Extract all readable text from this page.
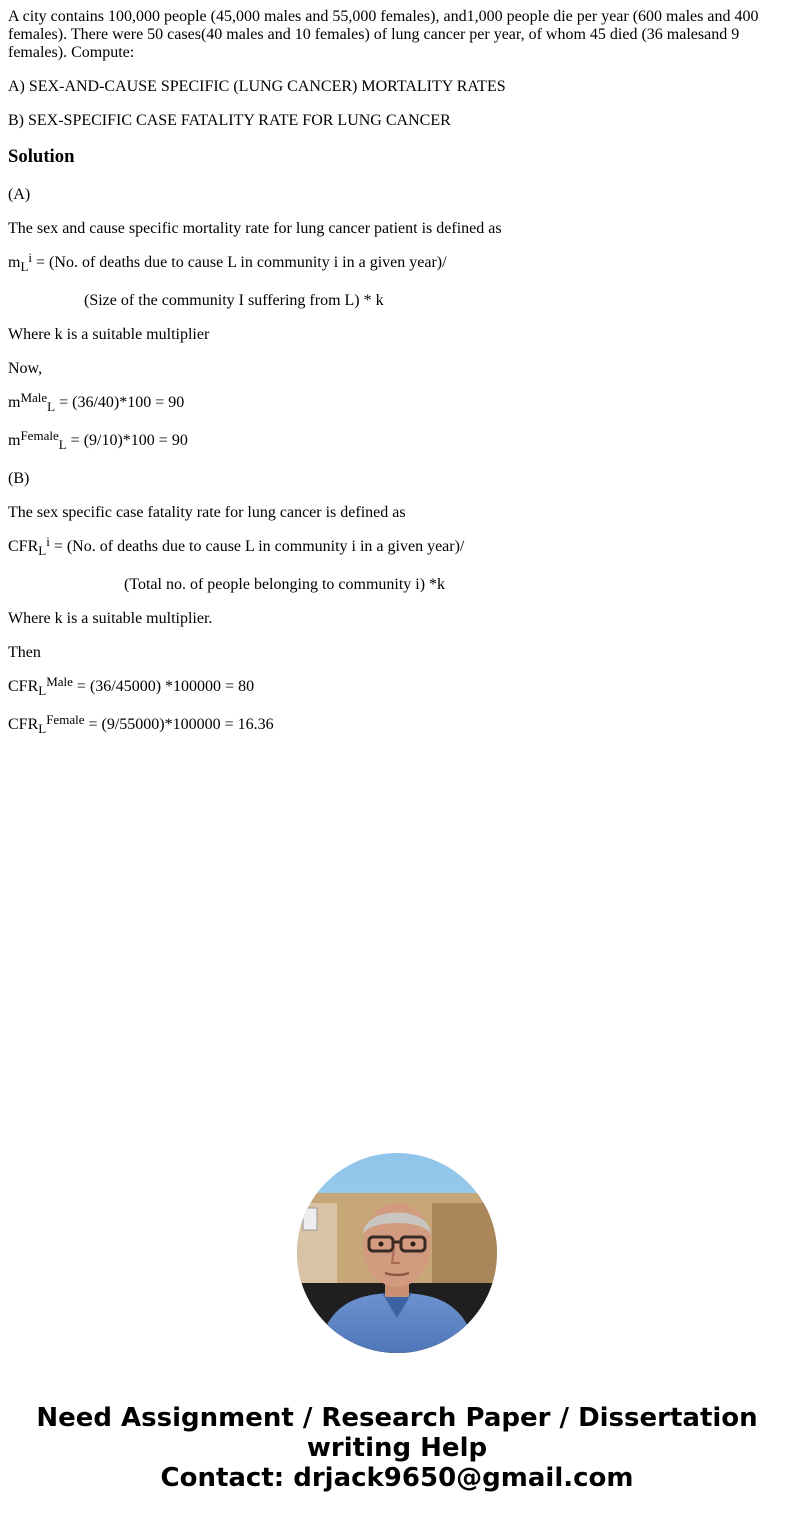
A city contains 100,000 people (45,000 males and 55,000 females), and1,000 people die per year (600 males and 400 females). There were 50 cases(40 males and 10 females) of lung cancer per year, of whom 45 died (36 malesand 9 females). Compute:

A) SEX-AND-CAUSE SPECIFIC (LUNG CANCER) MORTALITY RATES

B) SEX-SPECIFIC CASE FATALITY RATE FOR LUNG CANCER

Solution

(A)

The sex and cause specific mortality rate for lung cancer patient is defined as

$m_L^i = (No$. of deaths due to cause L in community i in a given year)/

(Size of the community I suffering from L) * k

Where k is a suitable multiplier

Now,

$m^{Male}_L = (36/40)*100 = 90$

$m^{Female}_L = (9/10)*100 = 90$

(B)

The sex specific case fatality rate for lung cancer is defined as

$CFR_L^i = (No$. of deaths due to cause L in community i in a given year)/

(Total no. of people belonging to community i) *k

Where k is a suitable multiplier.

Then

$CFR_L^{Male} = (36/45000) *100000 = 80$

$CFR_L^{Female} = (9/55000)*100000 = 16.36$

Need Assignment / Research Paper / Dissertation
writing Help
Contact: drjack9650@gmail.com
